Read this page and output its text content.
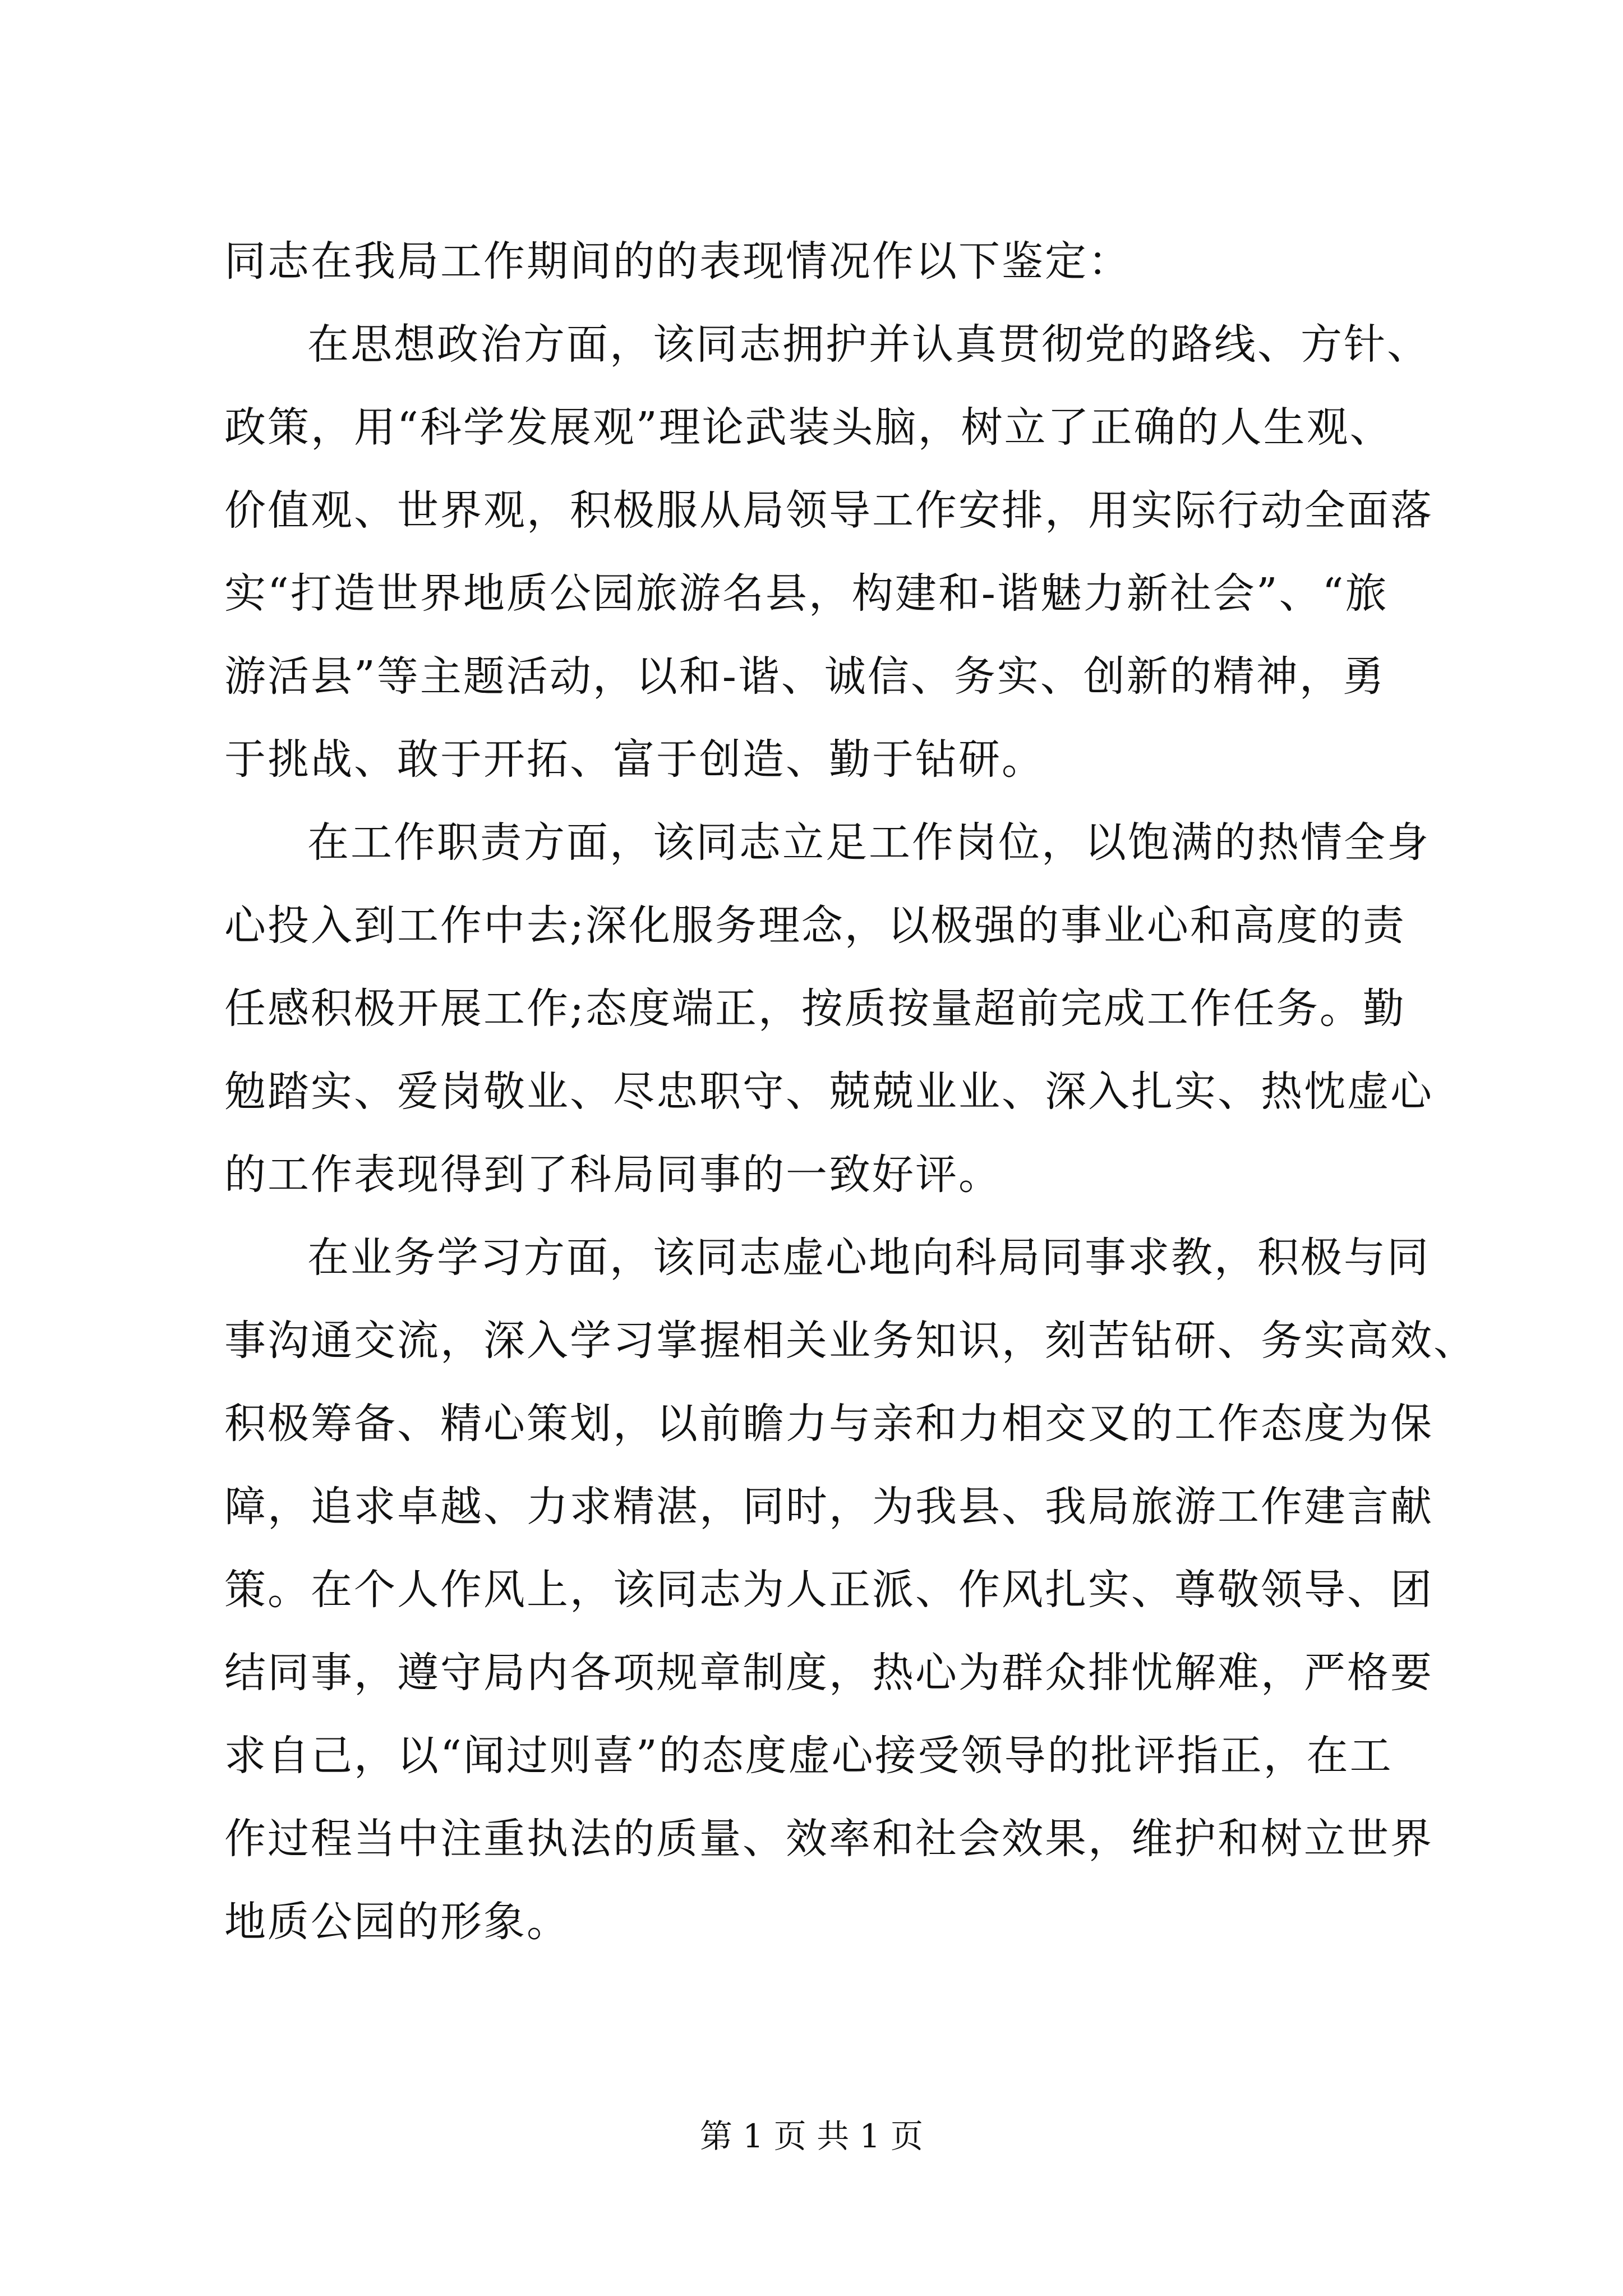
同志在我局工作期间的的表现情况作以下鉴定：
在思想政治方面，该同志拥护并认真贯彻党的路线、方针、
政策，用“科学发展观”理论武装头脑，树立了正确的人生观、
价值观、世界观，积极服从局领导工作安排，用实际行动全面落
实“打造世界地质公园旅游名县，构建和-谐魅力新社会”、“旅
游活县”等主题活动，以和-谐、诚信、务实、创新的精神，勇
于挑战、敢于开拓、富于创造、勤于钻研。
在工作职责方面，该同志立足工作岗位，以饱满的热情全身
心投入到工作中去;深化服务理念，以极强的事业心和高度的责
任感积极开展工作;态度端正，按质按量超前完成工作任务。勤
勉踏实、爱岗敬业、尽忠职守、兢兢业业、深入扎实、热忱虚心
的工作表现得到了科局同事的一致好评。
在业务学习方面，该同志虚心地向科局同事求教，积极与同
事沟通交流，深入学习掌握相关业务知识，刻苦钻研、务实高效、
积极筹备、精心策划，以前瞻力与亲和力相交叉的工作态度为保
障，追求卓越、力求精湛，同时，为我县、我局旅游工作建言献
策。在个人作风上，该同志为人正派、作风扎实、尊敬领导、团
结同事，遵守局内各项规章制度，热心为群众排忧解难，严格要
求自己，以“闻过则喜”的态度虚心接受领导的批评指正，在工
作过程当中注重执法的质量、效率和社会效果，维护和树立世界
地质公园的形象。
第 1 页 共 1 页
